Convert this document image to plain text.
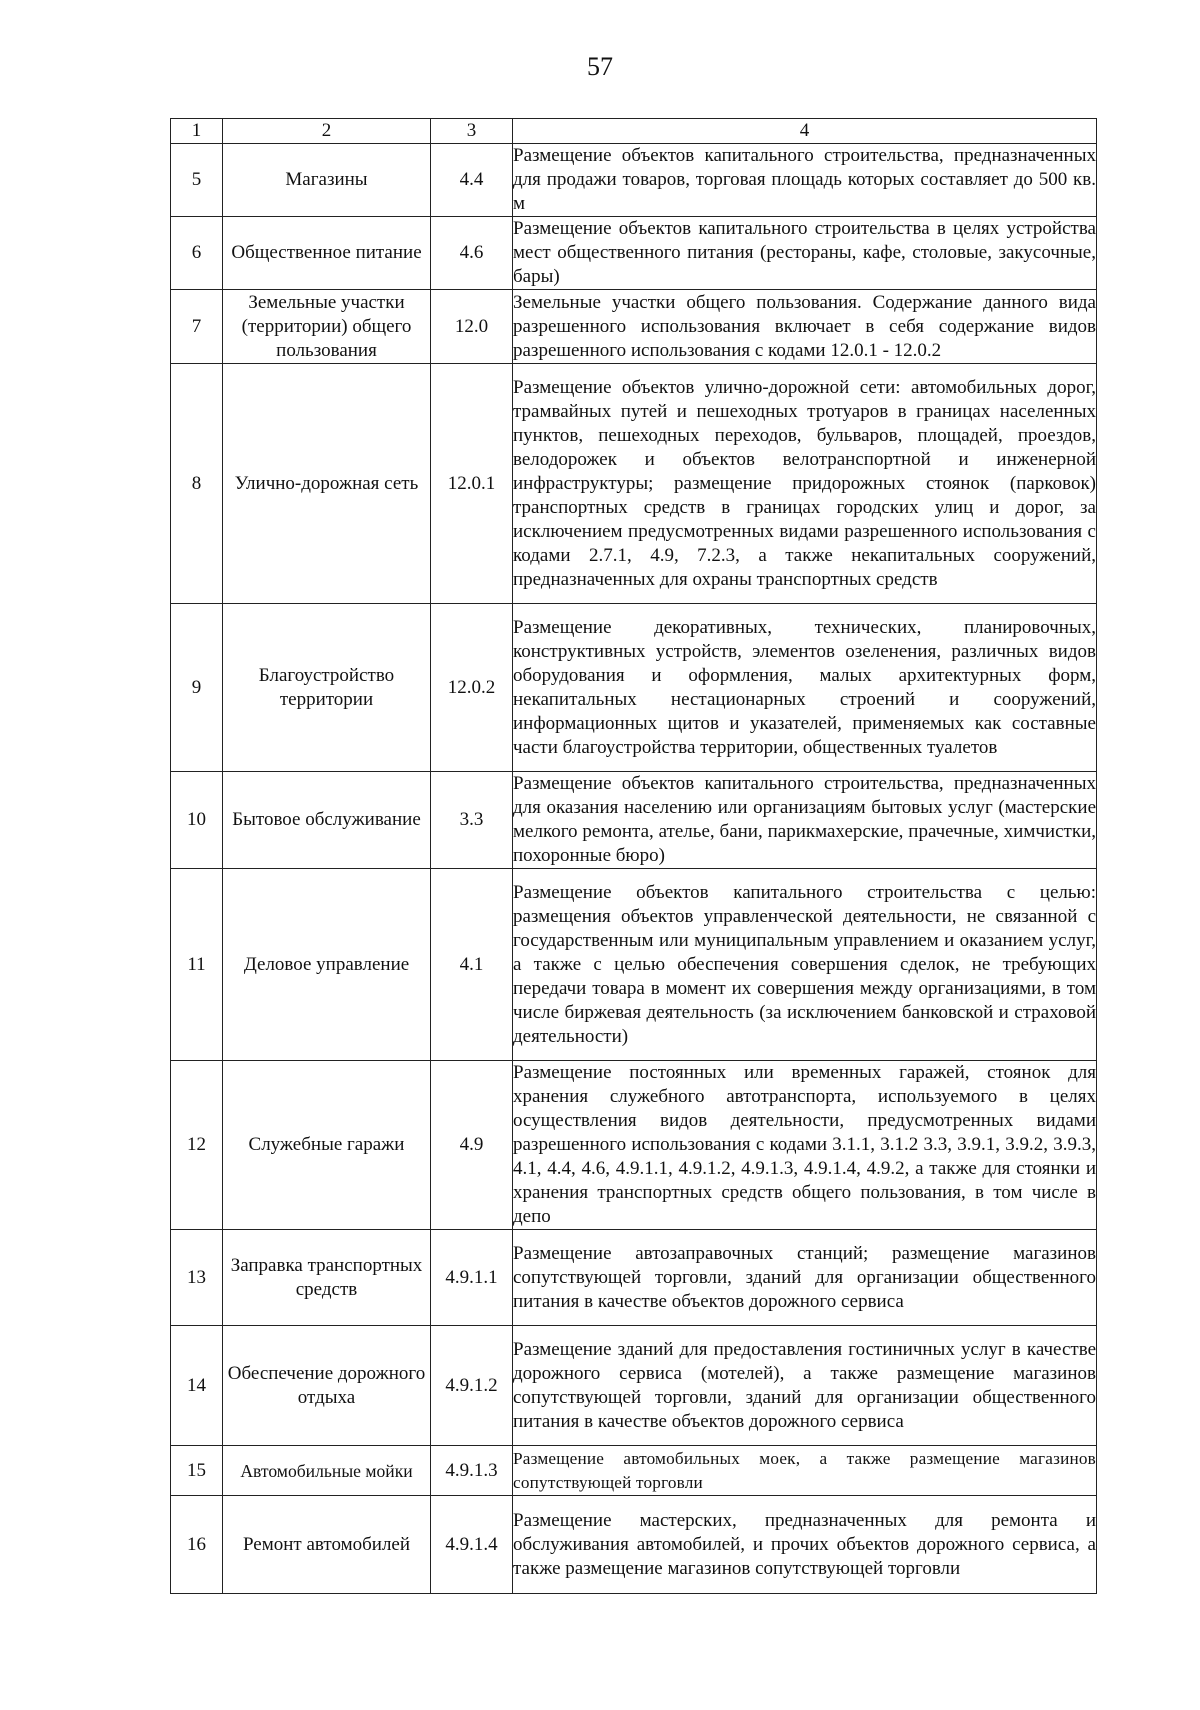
57
1	2	3	4
5	Магазины	4.4	Размещение объектов капитального строительства, предназначенных для продажи товаров, торговая площадь которых составляет до 500 кв. м
6	Общественное питание	4.6	Размещение объектов капитального строительства в целях устройства мест общественного питания (рестораны, кафе, столовые, закусочные, бары)
7	Земельные участки (территории) общего пользования	12.0	Земельные участки общего пользования. Содержание данного вида разрешенного использования включает в себя содержание видов разрешенного использования с кодами 12.0.1 - 12.0.2
8	Улично-дорожная сеть	12.0.1	Размещение объектов улично-дорожной сети: автомобильных дорог, трамвайных путей и пешеходных тротуаров в границах населенных пунктов, пешеходных переходов, бульваров, площадей, проездов, велодорожек и объектов велотранспортной и инженерной инфраструктуры; размещение придорожных стоянок (парковок) транспортных средств в границах городских улиц и дорог, за исключением предусмотренных видами разрешенного использования с кодами 2.7.1, 4.9, 7.2.3, а также некапитальных сооружений, предназначенных для охраны транспортных средств
9	Благоустройство территории	12.0.2	Размещение декоративных, технических, планировочных, конструктивных устройств, элементов озеленения, различных видов оборудования и оформления, малых архитектурных форм, некапитальных нестационарных строений и сооружений, информационных щитов и указателей, применяемых как составные части благоустройства территории, общественных туалетов
10	Бытовое обслуживание	3.3	Размещение объектов капитального строительства, предназначенных для оказания населению или организациям бытовых услуг (мастерские мелкого ремонта, ателье, бани, парикмахерские, прачечные, химчистки, похоронные бюро)
11	Деловое управление	4.1	Размещение объектов капитального строительства с целью: размещения объектов управленческой деятельности, не связанной с государственным или муниципальным управлением и оказанием услуг, а также с целью обеспечения совершения сделок, не требующих передачи товара в момент их совершения между организациями, в том числе биржевая деятельность (за исключением банковской и страховой деятельности)
12	Служебные гаражи	4.9	Размещение постоянных или временных гаражей, стоянок для хранения служебного автотранспорта, используемого в целях осуществления видов деятельности, предусмотренных видами разрешенного использования с кодами 3.1.1, 3.1.2 3.3, 3.9.1, 3.9.2, 3.9.3, 4.1, 4.4, 4.6, 4.9.1.1, 4.9.1.2, 4.9.1.3, 4.9.1.4, 4.9.2, а также для стоянки и хранения транспортных средств общего пользования, в том числе в депо
13	Заправка транспортных средств	4.9.1.1	Размещение автозаправочных станций; размещение магазинов сопутствующей торговли, зданий для организации общественного питания в качестве объектов дорожного сервиса
14	Обеспечение дорожного отдыха	4.9.1.2	Размещение зданий для предоставления гостиничных услуг в качестве дорожного сервиса (мотелей), а также размещение магазинов сопутствующей торговли, зданий для организации общественного питания в качестве объектов дорожного сервиса
15	Автомобильные мойки	4.9.1.3	Размещение автомобильных моек, а также размещение магазинов сопутствующей торговли
16	Ремонт автомобилей	4.9.1.4	Размещение мастерских, предназначенных для ремонта и обслуживания автомобилей, и прочих объектов дорожного сервиса, а также размещение магазинов сопутствующей торговли
